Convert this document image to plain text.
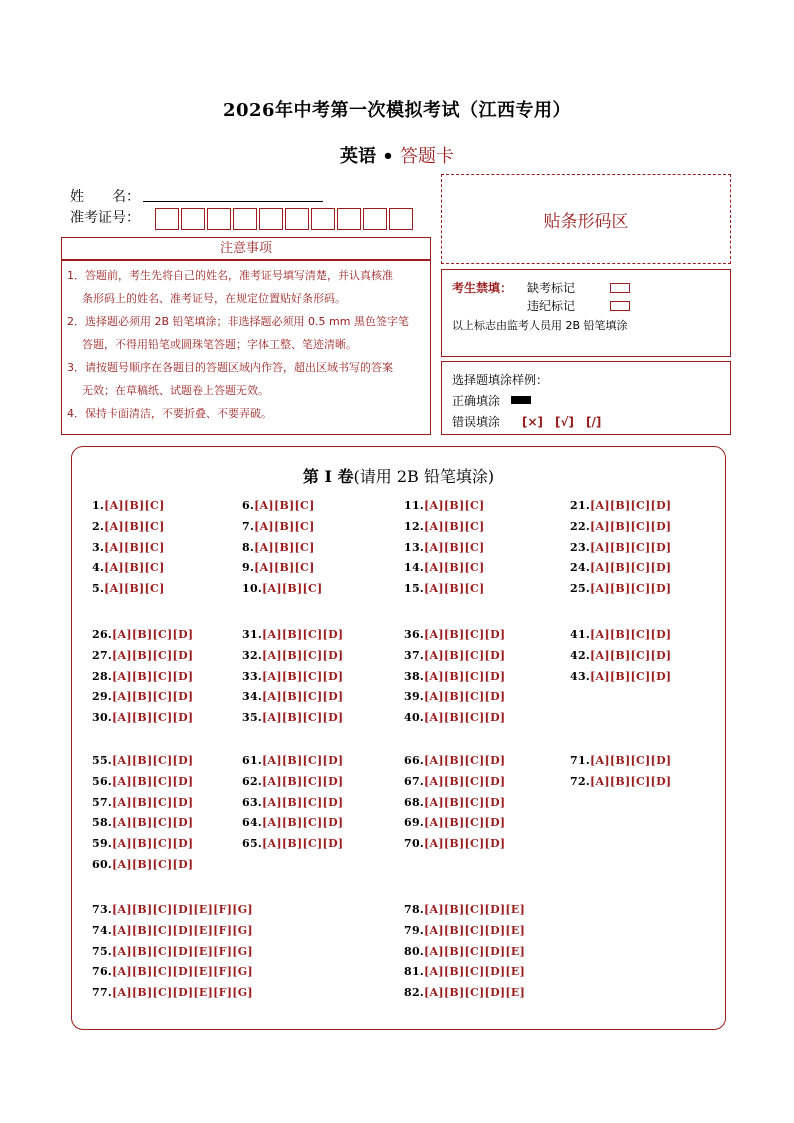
2026年中考第一次模拟考试（江西专用）
英语 • 答题卡
姓　　名：
准考证号：	贴条形码区
注意事项
1．答题前，考生先将自己的姓名，准考证号填写清楚，并认真核准
条形码上的姓名、准考证号，在规定位置贴好条形码。
2．选择题必须用 2B 铅笔填涂；非选择题必须用 0.5 mm 黑色签字笔
答题，不得用铅笔或圆珠笔答题；字体工整、笔迹清晰。
3．请按题号顺序在各题目的答题区域内作答，超出区域书写的答案
无效；在草稿纸、试题卷上答题无效。
4．保持卡面清洁，不要折叠、不要弄破。
考生禁填： 缺考标记
违纪标记
以上标志由监考人员用 2B 铅笔填涂
选择题填涂样例：
正确填涂
错误填涂 [×]　[√]　[/]
第 I 卷(请用 2B 铅笔填涂)
1.[A][B][C]
2.[A][B][C]
3.[A][B][C]
4.[A][B][C]
5.[A][B][C]
6.[A][B][C]
7.[A][B][C]
8.[A][B][C]
9.[A][B][C]
10.[A][B][C]
11.[A][B][C]
12.[A][B][C]
13.[A][B][C]
14.[A][B][C]
15.[A][B][C]
21.[A][B][C][D]
22.[A][B][C][D]
23.[A][B][C][D]
24.[A][B][C][D]
25.[A][B][C][D]
26.[A][B][C][D]
27.[A][B][C][D]
28.[A][B][C][D]
29.[A][B][C][D]
30.[A][B][C][D]
31.[A][B][C][D]
32.[A][B][C][D]
33.[A][B][C][D]
34.[A][B][C][D]
35.[A][B][C][D]
36.[A][B][C][D]
37.[A][B][C][D]
38.[A][B][C][D]
39.[A][B][C][D]
40.[A][B][C][D]
41.[A][B][C][D]
42.[A][B][C][D]
43.[A][B][C][D]
55.[A][B][C][D]
56.[A][B][C][D]
57.[A][B][C][D]
58.[A][B][C][D]
59.[A][B][C][D]
60.[A][B][C][D]
61.[A][B][C][D]
62.[A][B][C][D]
63.[A][B][C][D]
64.[A][B][C][D]
65.[A][B][C][D]
66.[A][B][C][D]
67.[A][B][C][D]
68.[A][B][C][D]
69.[A][B][C][D]
70.[A][B][C][D]
71.[A][B][C][D]
72.[A][B][C][D]
73.[A][B][C][D][E][F][G]
74.[A][B][C][D][E][F][G]
75.[A][B][C][D][E][F][G]
76.[A][B][C][D][E][F][G]
77.[A][B][C][D][E][F][G]
78.[A][B][C][D][E]
79.[A][B][C][D][E]
80.[A][B][C][D][E]
81.[A][B][C][D][E]
82.[A][B][C][D][E]
